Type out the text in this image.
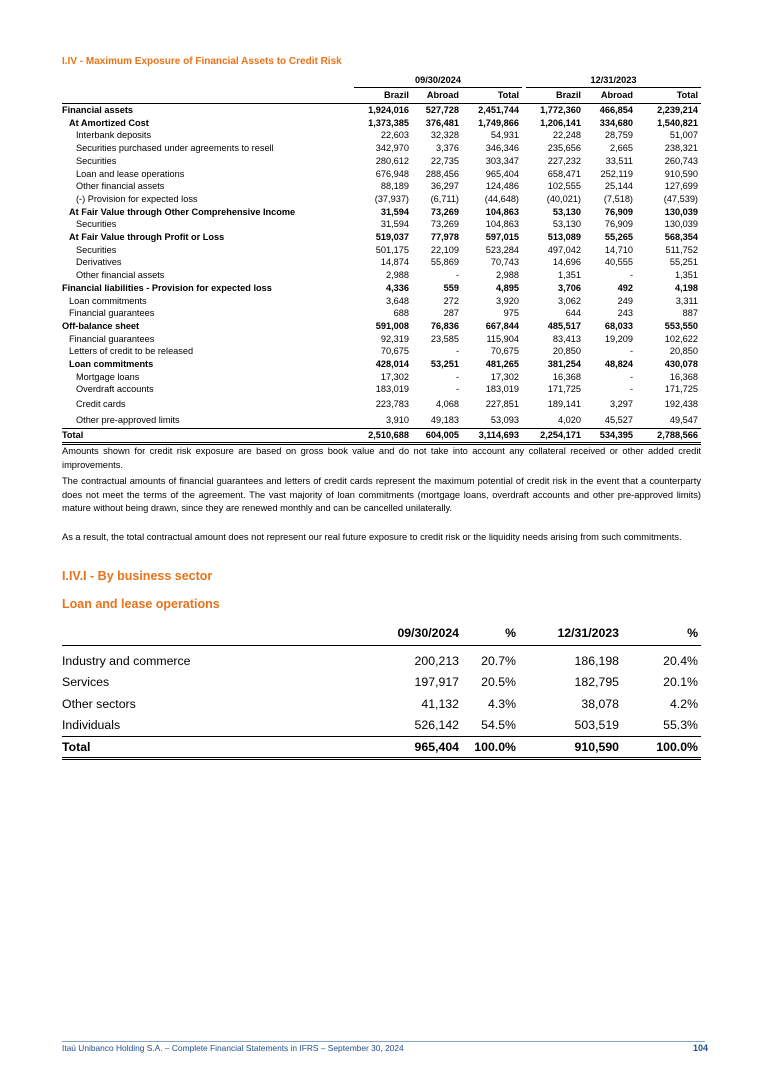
I.IV - Maximum Exposure of Financial Assets to Credit Risk
	09/30/2024				12/31/2023		
	Brazil	Abroad	Total		Brazil	Abroad	Total
Financial assets	1,924,016	527,728	2,451,744		1,772,360	466,854	2,239,214
At Amortized Cost	1,373,385	376,481	1,749,866		1,206,141	334,680	1,540,821
Interbank deposits	22,603	32,328	54,931		22,248	28,759	51,007
Securities purchased under agreements to resell	342,970	3,376	346,346		235,656	2,665	238,321
Securities	280,612	22,735	303,347		227,232	33,511	260,743
Loan and lease operations	676,948	288,456	965,404		658,471	252,119	910,590
Other financial assets	88,189	36,297	124,486		102,555	25,144	127,699
(-) Provision for expected loss	(37,937)	(6,711)	(44,648)		(40,021)	(7,518)	(47,539)
At Fair Value through Other Comprehensive Income	31,594	73,269	104,863		53,130	76,909	130,039
Securities	31,594	73,269	104,863		53,130	76,909	130,039
At Fair Value through Profit or Loss	519,037	77,978	597,015		513,089	55,265	568,354
Securities	501,175	22,109	523,284		497,042	14,710	511,752
Derivatives	14,874	55,869	70,743		14,696	40,555	55,251
Other financial assets	2,988	-	2,988		1,351	-	1,351
Financial liabilities - Provision for expected loss	4,336	559	4,895		3,706	492	4,198
Loan commitments	3,648	272	3,920		3,062	249	3,311
Financial guarantees	688	287	975		644	243	887
Off-balance sheet	591,008	76,836	667,844		485,517	68,033	553,550
Financial guarantees	92,319	23,585	115,904		83,413	19,209	102,622
Letters of credit to be released	70,675	-	70,675		20,850	-	20,850
Loan commitments	428,014	53,251	481,265		381,254	48,824	430,078
Mortgage loans	17,302	-	17,302		16,368	-	16,368
Overdraft accounts	183,019	-	183,019		171,725	-	171,725
Credit cards	223,783	4,068	227,851		189,141	3,297	192,438
Other pre-approved limits	3,910	49,183	53,093		4,020	45,527	49,547
Total	2,510,688	604,005	3,114,693		2,254,171	534,395	2,788,566
Amounts shown for credit risk exposure are based on gross book value and do not take into account any collateral received or other added credit improvements.
The contractual amounts of financial guarantees and letters of credit cards represent the maximum potential of credit risk in the event that a counterparty does not meet the terms of the agreement. The vast majority of loan commitments (mortgage loans, overdraft accounts and other pre-approved limits) mature without being drawn, since they are renewed monthly and can be cancelled unilaterally.
As a result, the total contractual amount does not represent our real future exposure to credit risk or the liquidity needs arising from such commitments.
I.IV.I - By business sector
Loan and lease operations
	09/30/2024	%	12/31/2023	%
Industry and commerce	200,213	20.7%	186,198	20.4%
Services	197,917	20.5%	182,795	20.1%
Other sectors	41,132	4.3%	38,078	4.2%
Individuals	526,142	54.5%	503,519	55.3%
Total	965,404	100.0%	910,590	100.0%
Itaú Unibanco Holding S.A. – Complete Financial Statements in IFRS – September 30, 2024	104
